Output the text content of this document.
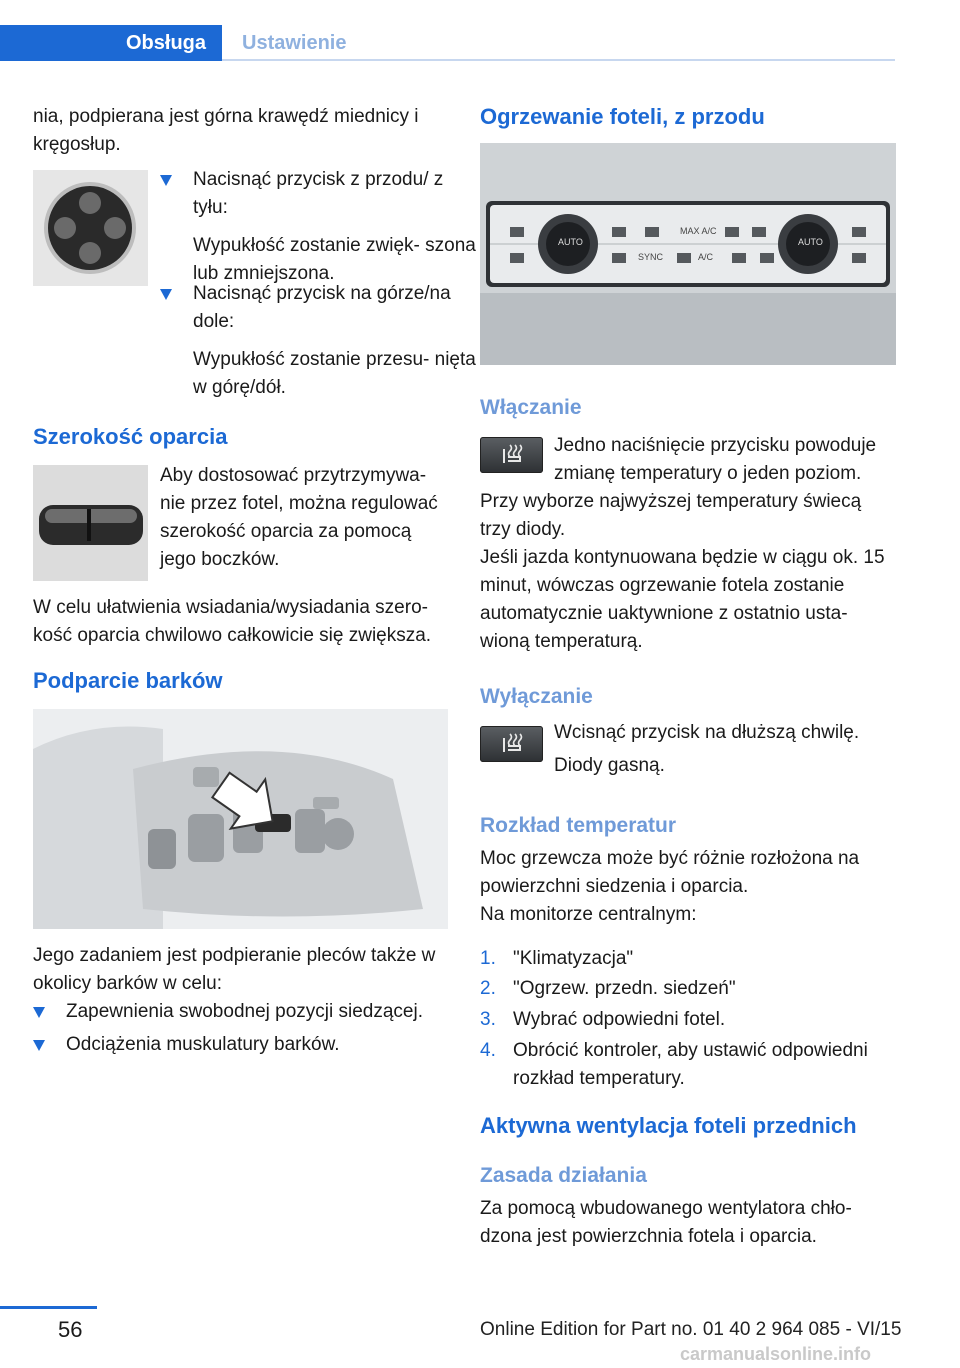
Obsługa	Ustawienie

nia, podpierana jest górna krawędź miednicy i kręgosłup.

Nacisnąć przycisk z przodu/ z tyłu:

Wypukłość zostanie zwięk‐ szona lub zmniejszona.

Nacisnąć przycisk na górze/na dole:

Wypukłość zostanie przesu‐ nięta w górę/dół.

Szerokość oparcia

Aby dostosować przytrzymywa‐ nie przez fotel, można regulować szerokość oparcia za pomocą jego boczków.

W celu ułatwienia wsiadania/wysiadania szero‐ kość oparcia chwilowo całkowicie się zwiększa.

Podparcie barków

Jego zadaniem jest podpieranie pleców także w okolicy barków w celu:

Zapewnienia swobodnej pozycji siedzącej.
Odciążenia muskulatury barków.
Ogrzewanie foteli, z przodu
AUTO
MAX A/C
AUTO
SYNC	A/C
Włączanie

Jedno naciśnięcie przycisku powoduje zmianę temperatury o jeden poziom.

Przy wyborze najwyższej temperatury świecą trzy diody.

Jeśli jazda kontynuowana będzie w ciągu ok. 15 minut, wówczas ogrzewanie fotela zostanie automatycznie uaktywnione z ostatnio usta‐ wioną temperaturą.

Wyłączanie

Wcisnąć przycisk na dłuższą chwilę.

Diody gasną.

Rozkład temperatur

Moc grzewcza może być różnie rozłożona na powierzchni siedzenia i oparcia.

Na monitorze centralnym:

1. "Klimatyzacja"
2. "Ogrzew. przedn. siedzeń"
3. Wybrać odpowiedni fotel.
4. Obrócić kontroler, aby ustawić odpowiedni rozkład temperatury.
Aktywna wentylacja foteli przednich
Zasada działania

Za pomocą wbudowanego wentylatora chło‐ dzona jest powierzchnia fotela i oparcia.

56	Online Edition for Part no. 01 40 2 964 085 - VI/15
carmanualsonline.info
